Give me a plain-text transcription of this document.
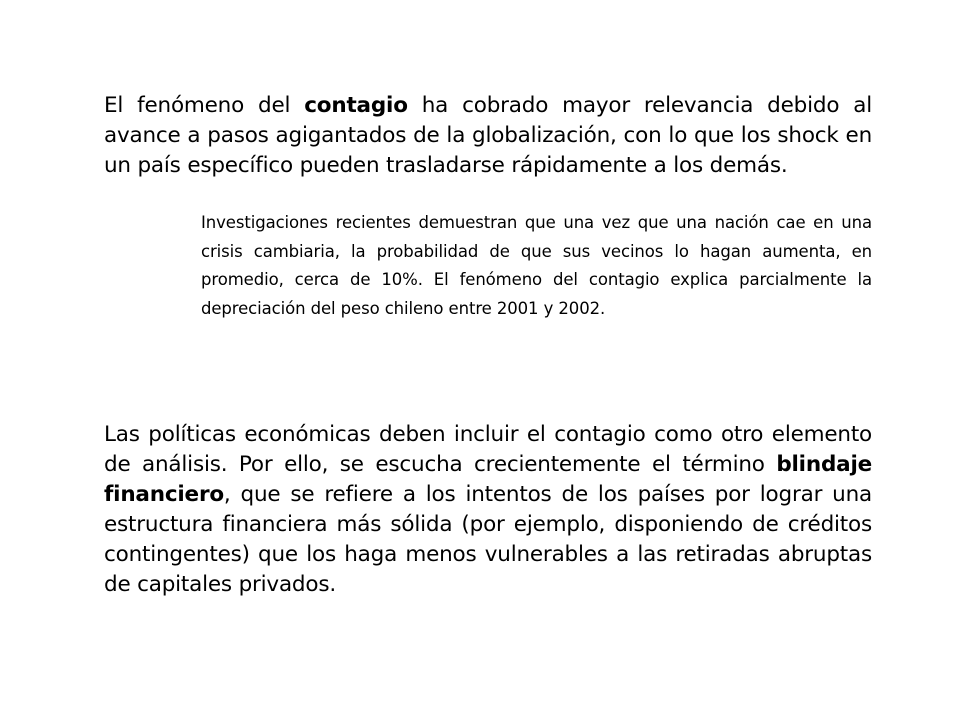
El fenómeno del contagio ha cobrado mayor relevancia debido al avance a pasos agigantados de la globalización, con lo que los shock en un país específico pueden trasladarse rápidamente a los demás.

Investigaciones recientes demuestran que una vez que una nación cae en una crisis cambiaria, la probabilidad de que sus vecinos lo hagan aumenta, en promedio, cerca de 10%. El fenómeno del contagio explica parcialmente la depreciación del peso chileno entre 2001 y 2002.

Las políticas económicas deben incluir el contagio como otro elemento de análisis. Por ello, se escucha crecientemente el término blindaje financiero, que se refiere a los intentos de los países por lograr una estructura financiera más sólida (por ejemplo, disponiendo de créditos contingentes) que los haga menos vulnerables a las retiradas abruptas de capitales privados.
